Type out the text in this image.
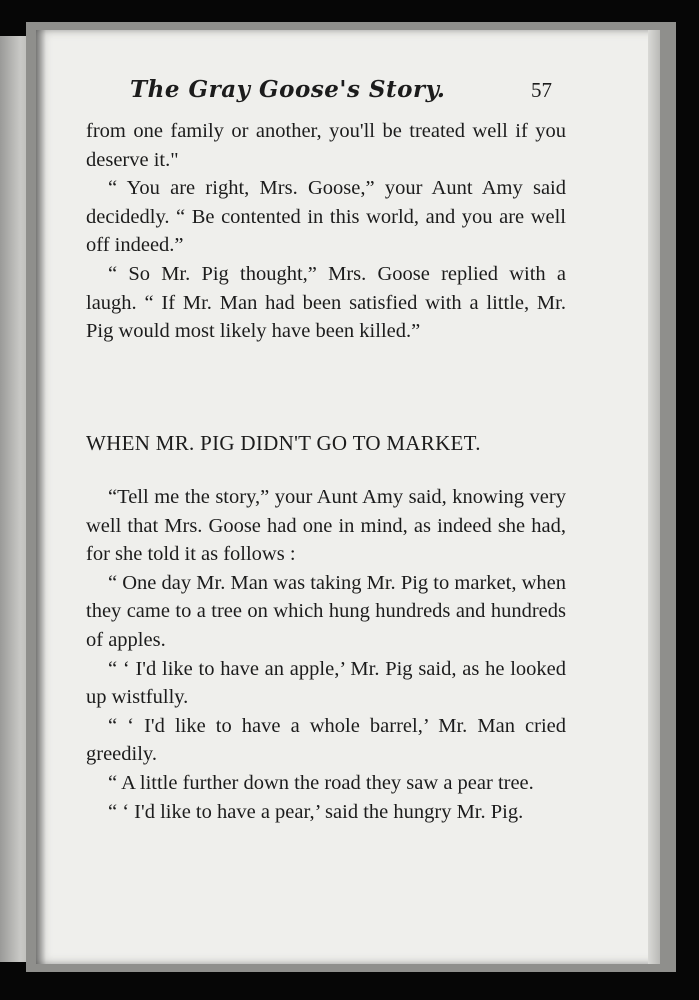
The Gray Goose's Story.	57

from one family or another, you'll be treated well if you deserve it."

“ You are right, Mrs. Goose,” your Aunt Amy said decidedly. “ Be contented in this world, and you are well off indeed.”

“ So Mr. Pig thought,” Mrs. Goose replied with a laugh. “ If Mr. Man had been satisfied with a little, Mr. Pig would most likely have been killed.”

WHEN MR. PIG DIDN'T GO TO MARKET.

“Tell me the story,” your Aunt Amy said, knowing very well that Mrs. Goose had one in mind, as indeed she had, for she told it as follows :

“ One day Mr. Man was taking Mr. Pig to market, when they came to a tree on which hung hundreds and hundreds of apples.

“ ‘ I'd like to have an apple,’ Mr. Pig said, as he looked up wistfully.

“ ‘ I'd like to have a whole barrel,’ Mr. Man cried greedily.

“ A little further down the road they saw a pear tree.

“ ‘ I'd like to have a pear,’ said the hungry Mr. Pig.
